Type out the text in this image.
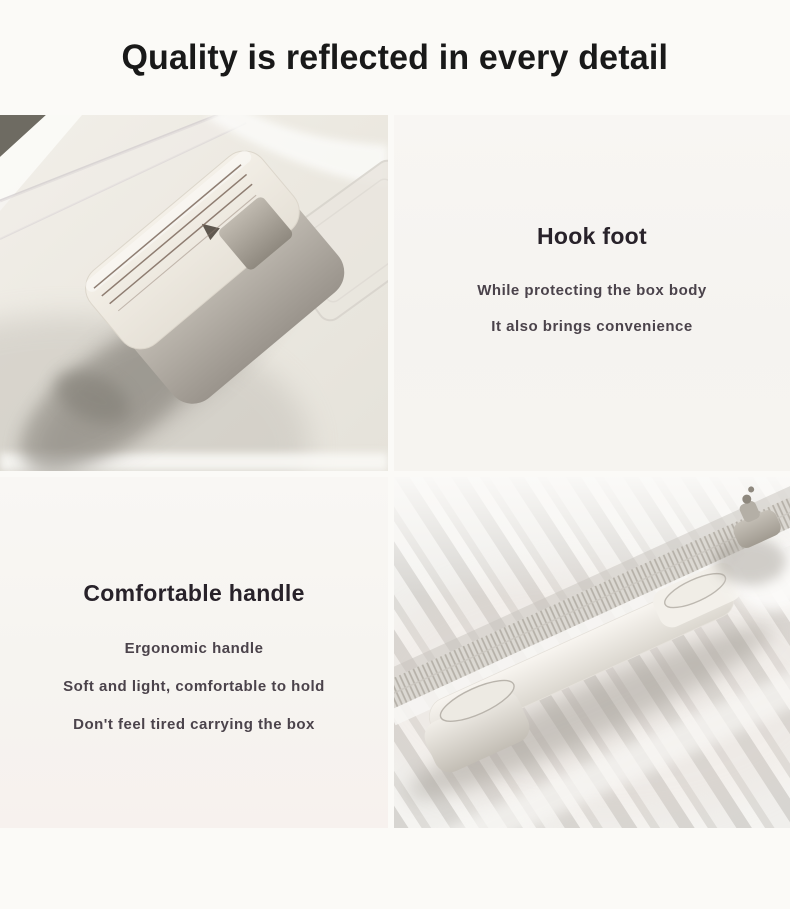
Quality is reflected in every detail
Hook foot

While protecting the box body

It also brings convenience

Comfortable handle

Ergonomic handle

Soft and light, comfortable to hold

Don't feel tired carrying the box
